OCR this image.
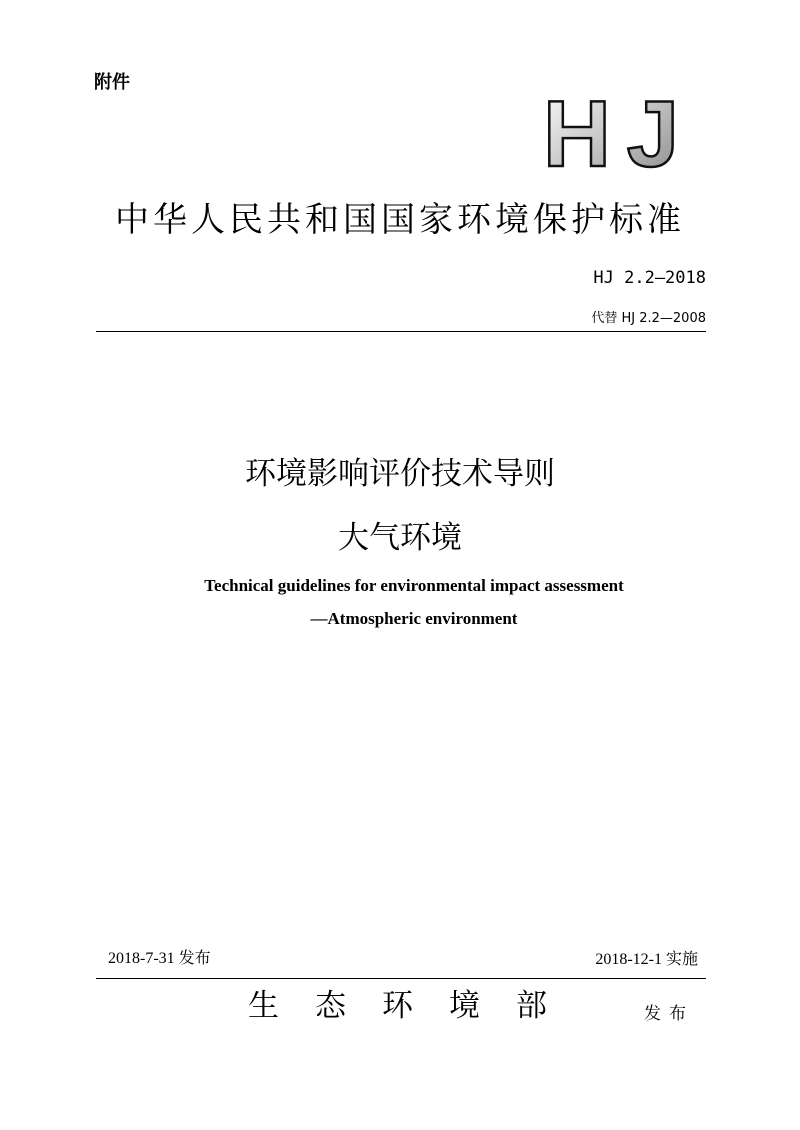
附件	HJ
中华人民共和国国家环境保护标准
HJ 2.2—2018
代替 HJ 2.2—2008
环境影响评价技术导则
大气环境
Technical guidelines for environmental impact assessment
—Atmospheric environment
2018-7-31 发布	2018-12-1 实施
生态环境部	发布
